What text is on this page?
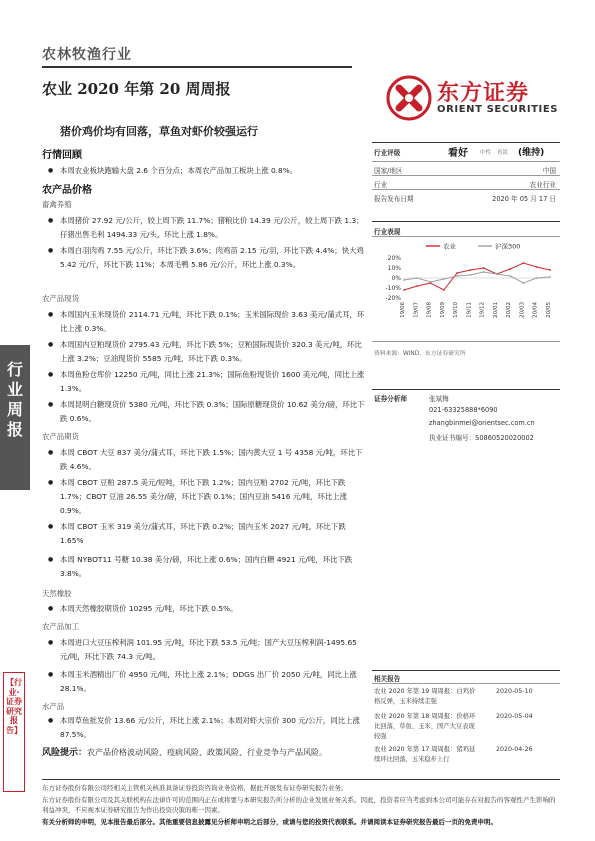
农林牧渔行业
农业 2020 年第 20 周周报
猪价鸡价均有回落，草鱼对虾价较强运行
东方证券
ORIENT SECURITIES
行
业
周
报
【行业·证券研究报告】
行情回顾
● 本周农业板块跑输大盘 2.6 个百分点；本周农产品加工板块上涨 0.8%。
农产品价格
畜禽养殖
● 本周猪价 27.92 元/公斤，较上周下跌 11.7%；猪粮比价 14.39 元/公斤，较上周下跌 1.3；仔猪出售毛利 1494.33 元/头，环比上涨 1.8%。
● 本周白羽肉鸡 7.55 元/公斤，环比下跌 3.6%；肉鸡苗 2.15 元/羽，环比下跌 4.4%；快大鸡 5.42 元/斤，环比下跌 11%；本周毛鸭 5.86 元/公斤，环比上涨 0.3%。
农产品现货
● 本周国内玉米现货价 2114.71 元/吨，环比下跌 0.1%；玉米国际现价 3.63 美元/蒲式耳，环比上涨 0.3%。
● 本周国内豆粕现货价 2795.43 元/吨，环比下跌 5%；豆粕国际现货价 320.3 美元/吨，环比上涨 3.2%；豆油现货价 5585 元/吨，环比下跌 0.3%。
● 本周鱼粉仓库价 12250 元/吨，同比上涨 21.3%；国际鱼粉现货价 1600 美元/吨，同比上涨 1.3%。
● 本周昆明白糖现货价 5380 元/吨，环比下跌 0.3%；国际原糖现货价 10.62 美分/磅，环比下跌 0.6%。
农产品期货
● 本周 CBOT 大豆 837 美分/蒲式耳，环比下跌 1.5%；国内黄大豆 1 号 4358 元/吨，环比下跌 4.6%。
● 本周 CBOT 豆粕 287.5 美元/短吨，环比下跌 1.2%；国内豆粕 2702 元/吨，环比下跌 1.7%；CBOT 豆油 26.55 美分/磅，环比下跌 0.1%；国内豆油 5416 元/吨，环比上涨 0.9%。
● 本周 CBOT 玉米 319 美分/蒲式耳，环比下跌 0.2%；国内玉米 2027 元/吨，环比下跌 1.65%
● 本周 NYBOT11 号糖 10.38 美分/磅，环比上涨 0.6%；国内白糖 4921 元/吨，环比下跌 3.8%。
天然橡胶
● 本周天然橡胶期货价 10295 元/吨，环比下跌 0.5%。
农产品加工
● 本周进口大豆压榨利润 101.95 元/吨，环比下跌 53.5 元/吨；国产大豆压榨利润-1495.65 元/吨，环比下跌 74.3 元/吨。
● 本周玉米酒精出厂价 4950 元/吨，环比上涨 2.1%；DDGS 出厂价 2050 元/吨，同比上涨 28.1%。
水产品
● 本周草鱼批发价 13.66 元/公斤，环比上涨 2.1%；本周对虾大宗价 300 元/公斤，同比上涨 87.5%。
风险提示：农产品价格波动风险、疫病风险、政策风险、行业竞争与产品风险。
行业评级	看好 中性 看淡 (维持)
国家/地区	中国
行业	农业行业
报告发布日期	2020 年 05 月 17 日
行业表现
农业	沪深300
20%
10%
0%
-10%
-20%
19/06 19/07 19/08 19/09 19/10 19/11 19/12 20/01 20/02 20/03 20/04 20/05
资料来源：WIND，东方证券研究所
证券分析师	张斌梅
021-63325888*6090
zhangbinmei@orientsec.com.cn
执业证书编号：S0860520020002
相关报告
农业 2020 年第 19 周周报：白鸡价格反弹，玉米持续走强
2020-05-10
农业 2020 年第 18 周周报：价格环比回落，草鱼、玉米、国产大豆表现较强
2020-05-04
农业 2020 年第 17 周周报：猪鸡延续环比回落，玉米稳步上行
2020-04-26
东方证券股份有限公司经相关主管机关核准具备证券投资咨询业务资格，据此开展发布证券研究报告业务。
东方证券股份有限公司及其关联机构在法律许可的范围内正在或将要与本研究报告所分析的企业发展业务关系。因此，投资者应当考虑到本公司可能存在对报告的客观性产生影响的利益冲突，不应视本证券研究报告为作出投资决策的唯一因素。
有关分析师的申明，见本报告最后部分。其他重要信息披露见分析师申明之后部分，或请与您的投资代表联系。并请阅读本证券研究报告最后一页的免责申明。
